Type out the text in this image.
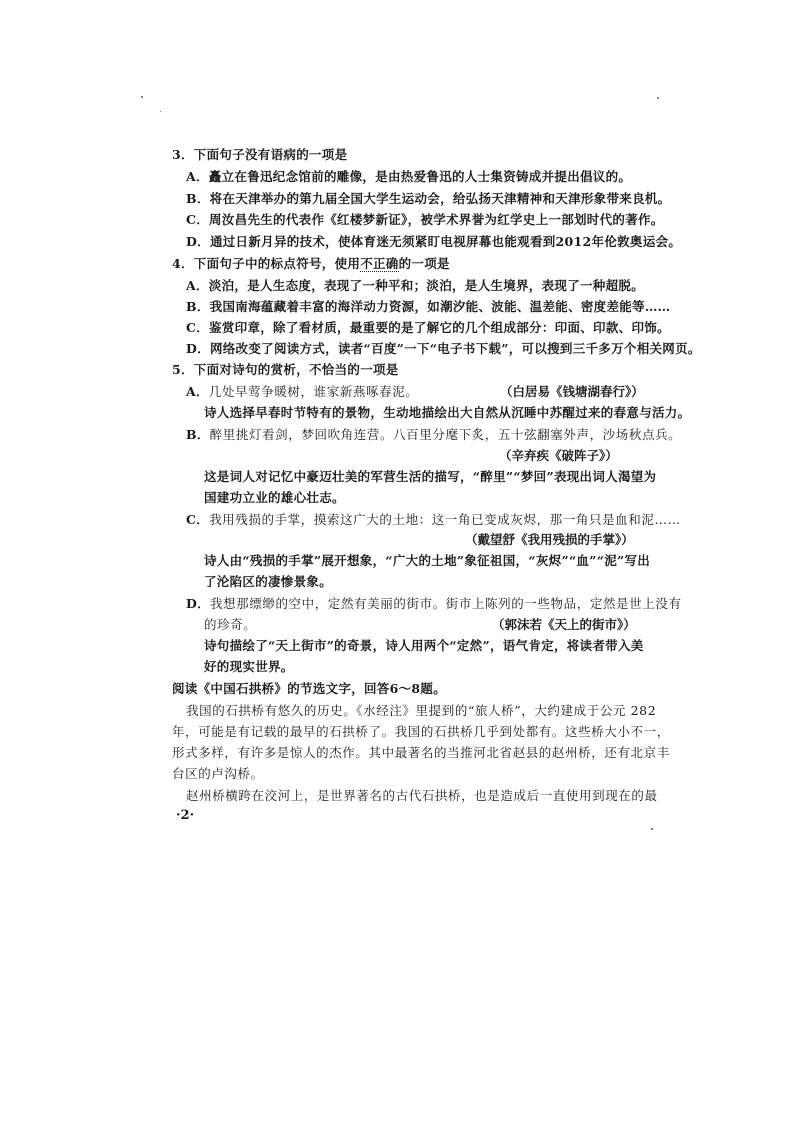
3．下面句子没有语病的一项是
A．矗立在鲁迅纪念馆前的雕像，是由热爱鲁迅的人士集资铸成并提出倡议的。
B．将在天津举办的第九届全国大学生运动会，给弘扬天津精神和天津形象带来良机。
C．周汝昌先生的代表作《红楼梦新证》，被学术界誉为红学史上一部划时代的著作。
D．通过日新月异的技术，使体育迷无须紧盯电视屏幕也能观看到2012年伦敦奥运会。
4．下面句子中的标点符号，使用不正确的一项是
A．淡泊，是人生态度，表现了一种平和；淡泊，是人生境界，表现了一种超脱。
B．我国南海蕴藏着丰富的海洋动力资源，如潮汐能、波能、温差能、密度差能等……
C．鉴赏印章，除了看材质，最重要的是了解它的几个组成部分：印面、印款、印饰。
D．网络改变了阅读方式，读者“百度”一下“电子书下载”，可以搜到三千多万个相关网页。
5．下面对诗句的赏析，不恰当的一项是
A．几处早莺争暖树，谁家新燕啄春泥。	（白居易《钱塘湖春行》）
诗人选择早春时节特有的景物，生动地描绘出大自然从沉睡中苏醒过来的春意与活力。
B．醉里挑灯看剑，梦回吹角连营。八百里分麾下炙，五十弦翻塞外声，沙场秋点兵。
（辛弃疾《破阵子》）
这是词人对记忆中豪迈壮美的军营生活的描写，“醉里”“梦回”表现出词人渴望为
国建功立业的雄心壮志。
C．我用残损的手掌，摸索这广大的土地：这一角已变成灰烬，那一角只是血和泥……
（戴望舒《我用残损的手掌》）
诗人由“残损的手掌”展开想象，“广大的土地”象征祖国，“灰烬”“血”“泥”写出
了沦陷区的凄惨景象。
D．我想那缥缈的空中，定然有美丽的街市。街市上陈列的一些物品，定然是世上没有
的珍奇。	（郭沫若《天上的街市》）
诗句描绘了“天上街市”的奇景，诗人用两个“定然”，语气肯定，将读者带入美
好的现实世界。
阅读《中国石拱桥》的节选文字，回答6～8题。
我国的石拱桥有悠久的历史。《水经注》里提到的“旅人桥”，大约建成于公元 282
年，可能是有记载的最早的石拱桥了。我国的石拱桥几乎到处都有。这些桥大小不一，
形式多样，有许多是惊人的杰作。其中最著名的当推河北省赵县的赵州桥，还有北京丰
台区的卢沟桥。
赵州桥横跨在洨河上，是世界著名的古代石拱桥，也是造成后一直使用到现在的最
·2·
